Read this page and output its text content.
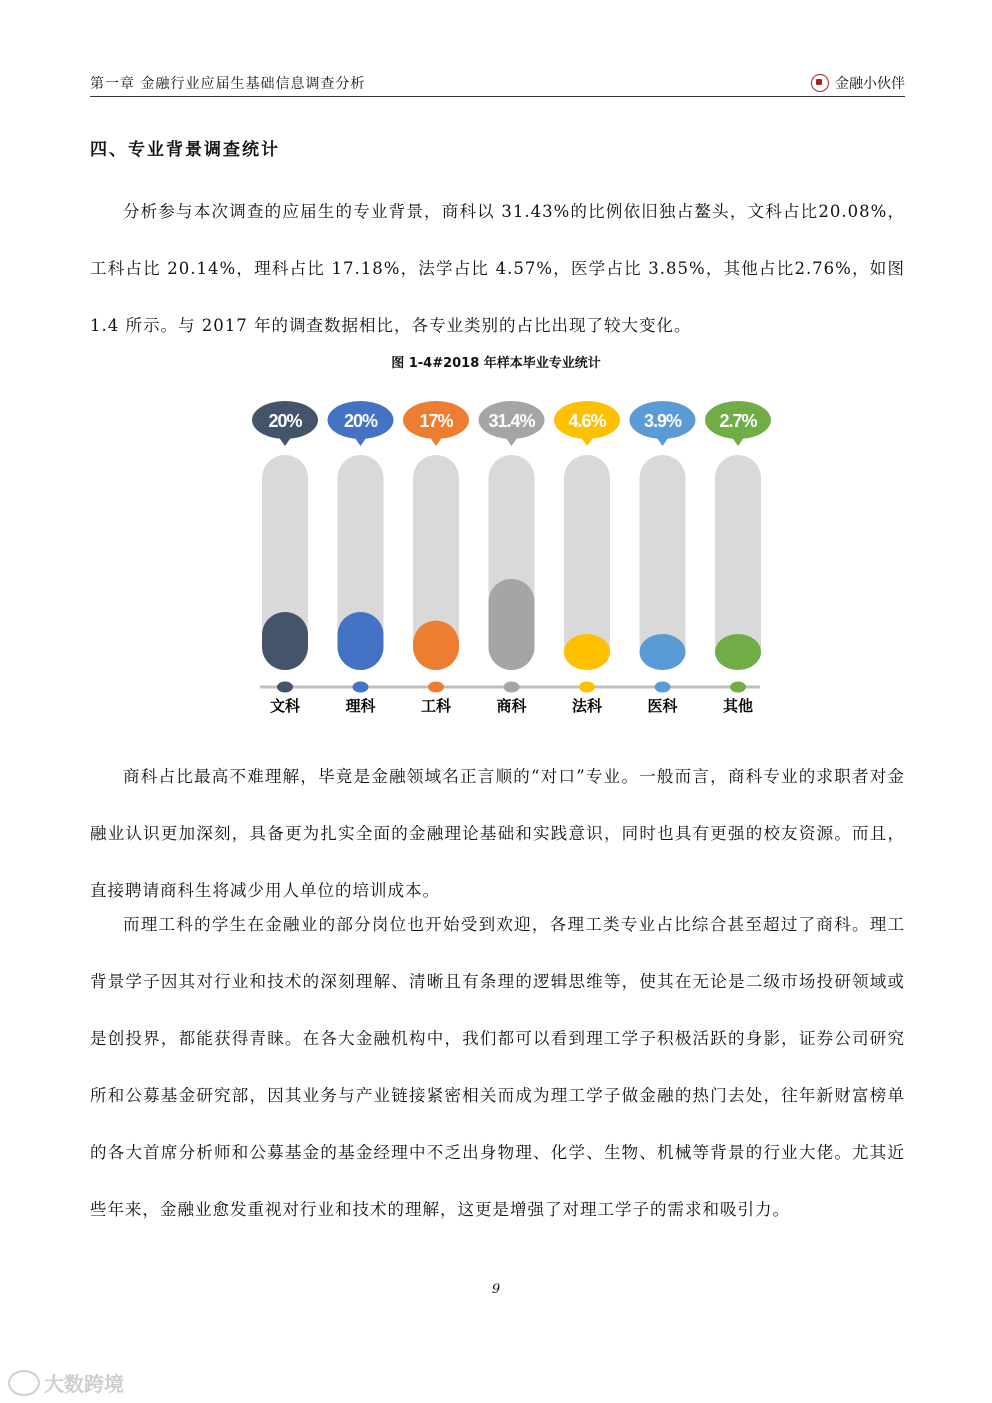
第一章 金融行业应届生基础信息调查分析	金融小伙伴
四、专业背景调查统计

分析参与本次调查的应届生的专业背景，商科以 31.43%的比例依旧独占鳌头，文科占比20.08%，工科占比 20.14%，理科占比 17.18%，法学占比 4.57%，医学占比 3.85%，其他占比2.76%，如图 1.4 所示。与 2017 年的调查数据相比，各专业类别的占比出现了较大变化。

图 1-4#2018 年样本毕业专业统计
20%
文科
20%
理科
17%
工科
31.4%
商科
4.6%
法科
3.9%
医科
2.7%
其他

商科占比最高不难理解，毕竟是金融领域名正言顺的“对口”专业。一般而言，商科专业的求职者对金融业认识更加深刻，具备更为扎实全面的金融理论基础和实践意识，同时也具有更强的校友资源。而且，直接聘请商科生将减少用人单位的培训成本。

而理工科的学生在金融业的部分岗位也开始受到欢迎，各理工类专业占比综合甚至超过了商科。理工背景学子因其对行业和技术的深刻理解、清晰且有条理的逻辑思维等，使其在无论是二级市场投研领域或是创投界，都能获得青睐。在各大金融机构中，我们都可以看到理工学子积极活跃的身影，证券公司研究所和公募基金研究部，因其业务与产业链接紧密相关而成为理工学子做金融的热门去处，往年新财富榜单的各大首席分析师和公募基金的基金经理中不乏出身物理、化学、生物、机械等背景的行业大佬。尤其近些年来，金融业愈发重视对行业和技术的理解，这更是增强了对理工学子的需求和吸引力。

9
大数跨境
